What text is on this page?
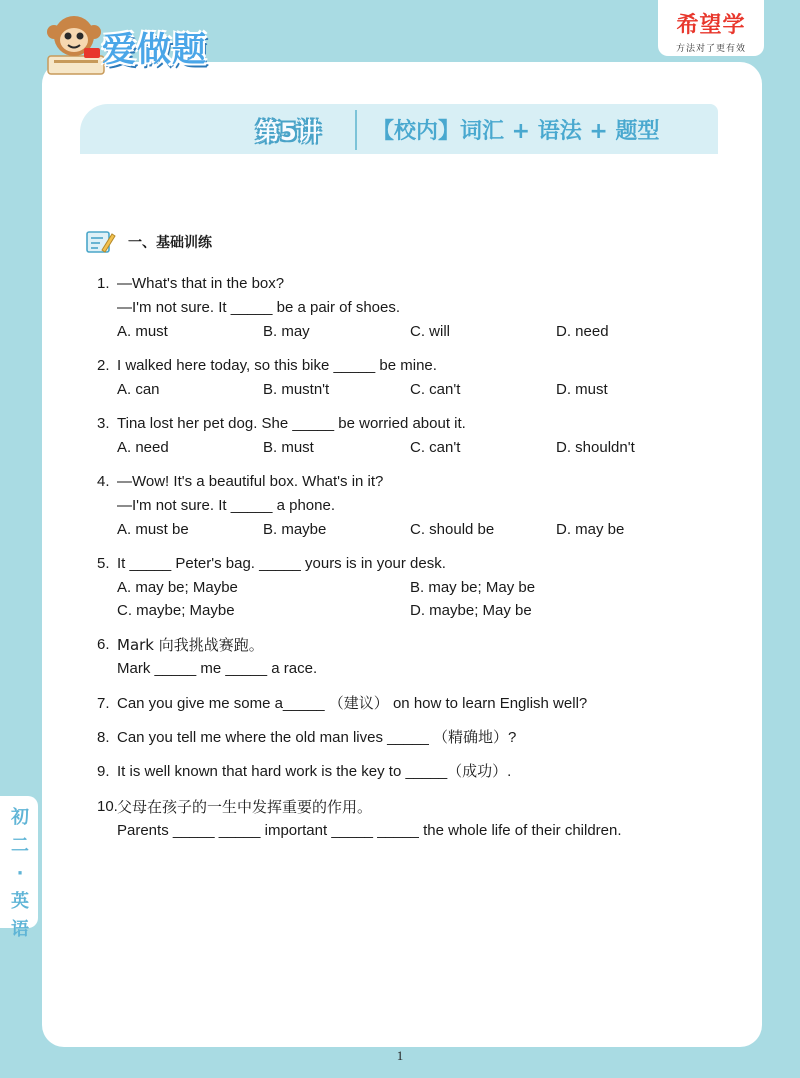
爱做题
希望学
方法对了更有效
第5讲 【校内】词汇 + 语法 + 题型
一、基础训练
1. —What's that in the box?
—I'm not sure. It _____ be a pair of shoes.
A. must	B. may	C. will	D. need
2. I walked here today, so this bike _____ be mine.
A. can	B. mustn't	C. can't	D. must
3. Tina lost her pet dog. She _____ be worried about it.
A. need	B. must	C. can't	D. shouldn't
4. —Wow! It's a beautiful box. What's in it?
—I'm not sure. It _____ a phone.
A. must be	B. maybe	C. should be	D. may be
5. It _____ Peter's bag. _____ yours is in your desk.
A. may be; Maybe	B. may be; May be
C. maybe; Maybe	D. maybe; May be
6. Mark 向我挑战赛跑。
Mark _____ me _____ a race.
7. Can you give me some a_____ （建议） on how to learn English well?
8. Can you tell me where the old man lives _____ （精确地）?
9. It is well known that hard work is the key to _____（成功）.
10. 父母在孩子的一生中发挥重要的作用。
Parents _____ _____ important _____ _____ the whole life of their children.
初二·英语
1
